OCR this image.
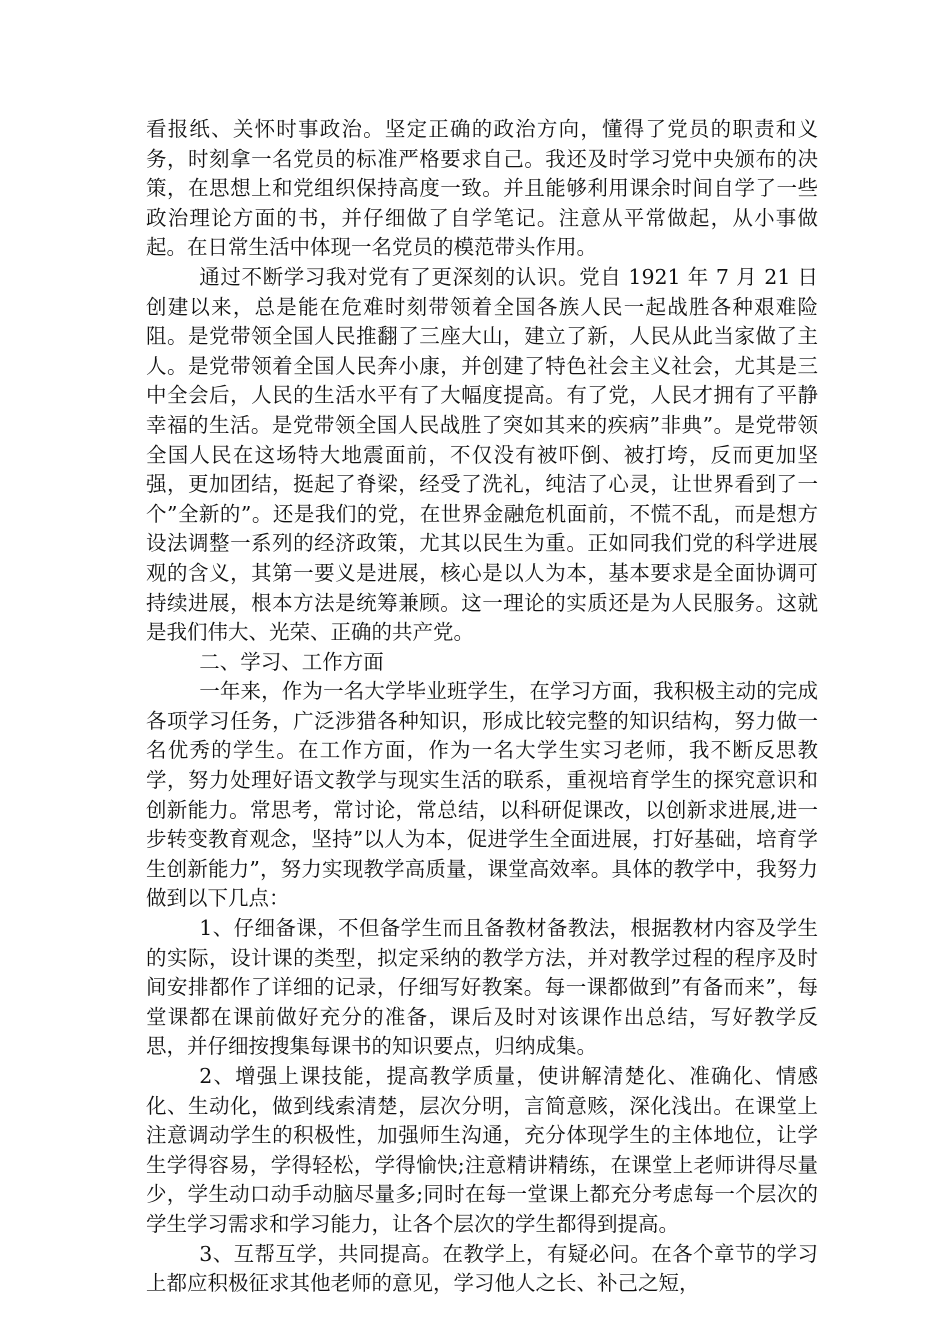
看报纸、关怀时事政治。坚定正确的政治方向，懂得了党员的职责和义务，时刻拿一名党员的标准严格要求自己。我还及时学习党中央颁布的决策，在思想上和党组织保持高度一致。并且能够利用课余时间自学了一些政治理论方面的书，并仔细做了自学笔记。注意从平常做起，从小事做起。在日常生活中体现一名党员的模范带头作用。

通过不断学习我对党有了更深刻的认识。党自 1921 年 7 月 21 日创建以来，总是能在危难时刻带领着全国各族人民一起战胜各种艰难险阻。是党带领全国人民推翻了三座大山，建立了新，人民从此当家做了主人。是党带领着全国人民奔小康，并创建了特色社会主义社会，尤其是三中全会后，人民的生活水平有了大幅度提高。有了党，人民才拥有了平静幸福的生活。是党带领全国人民战胜了突如其来的疾病”非典”。是党带领全国人民在这场特大地震面前，不仅没有被吓倒、被打垮，反而更加坚强，更加团结，挺起了脊梁，经受了洗礼，纯洁了心灵，让世界看到了一个”全新的”。还是我们的党，在世界金融危机面前，不慌不乱，而是想方设法调整一系列的经济政策，尤其以民生为重。正如同我们党的科学进展观的含义，其第一要义是进展，核心是以人为本，基本要求是全面协调可持续进展，根本方法是统筹兼顾。这一理论的实质还是为人民服务。这就是我们伟大、光荣、正确的共产党。

二、学习、工作方面

一年来，作为一名大学毕业班学生，在学习方面，我积极主动的完成各项学习任务，广泛涉猎各种知识，形成比较完整的知识结构，努力做一名优秀的学生。在工作方面，作为一名大学生实习老师，我不断反思教学，努力处理好语文教学与现实生活的联系，重视培育学生的探究意识和创新能力。常思考，常讨论，常总结，以科研促课改，以创新求进展,进一步转变教育观念，坚持”以人为本，促进学生全面进展，打好基础，培育学生创新能力”，努力实现教学高质量，课堂高效率。具体的教学中，我努力做到以下几点：

1、仔细备课，不但备学生而且备教材备教法，根据教材内容及学生的实际，设计课的类型，拟定采纳的教学方法，并对教学过程的程序及时间安排都作了详细的记录，仔细写好教案。每一课都做到”有备而来”，每堂课都在课前做好充分的准备，课后及时对该课作出总结，写好教学反思，并仔细按搜集每课书的知识要点，归纳成集。

2、增强上课技能，提高教学质量，使讲解清楚化、准确化、情感化、生动化，做到线索清楚，层次分明，言简意赅，深化浅出。在课堂上注意调动学生的积极性，加强师生沟通，充分体现学生的主体地位，让学生学得容易，学得轻松，学得愉快;注意精讲精练，在课堂上老师讲得尽量少，学生动口动手动脑尽量多;同时在每一堂课上都充分考虑每一个层次的学生学习需求和学习能力，让各个层次的学生都得到提高。

3、互帮互学，共同提高。在教学上，有疑必问。在各个章节的学习上都应积极征求其他老师的意见，学习他人之长、补己之短，
